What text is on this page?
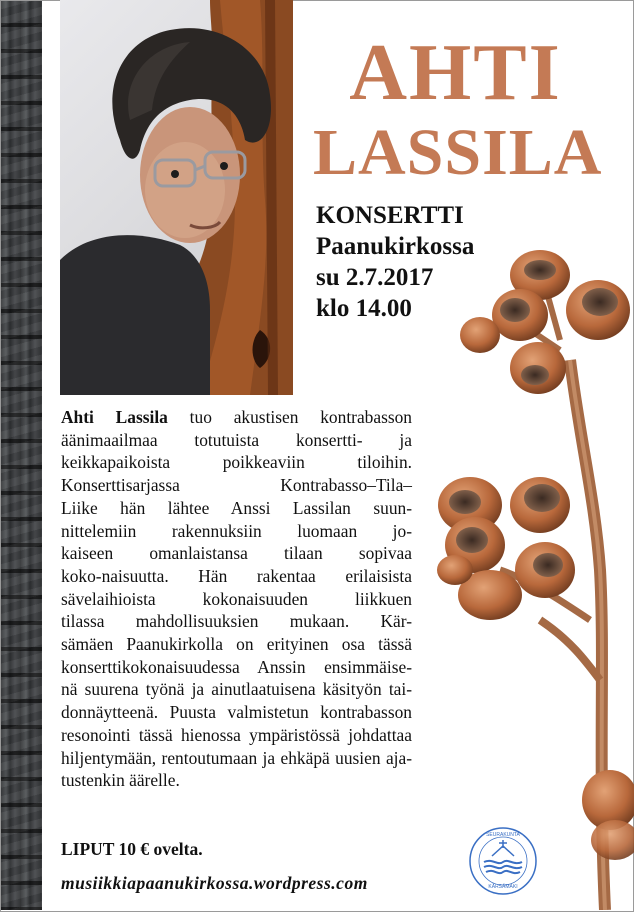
AHTI
LASSILA
KONSERTTI
Paanukirkossa
su 2.7.2017
klo 14.00
Ahti Lassila tuo akustisen kontrabasson
äänimaailmaa totutuista konsertti- ja
keikkapaikoista poikkeaviin tiloihin.
Konserttisarjassa Kontrabasso–Tila–
Liike hän lähtee Anssi Lassilan suun-
nittelemiin rakennuksiin luomaan jo-
kaiseen omanlaistansa tilaan sopivaa
koko-naisuutta. Hän rakentaa erilaisista
sävelaihioista kokonaisuuden liikkuen
tilassa mahdollisuuksien mukaan. Kär-
sämäen Paanukirkolla on erityinen osa tässä
konserttikokonaisuudessa Anssin ensimmäise-
nä suurena työnä ja ainutlaatuisena käsityön tai-
donnäytteenä. Puusta valmistetun kontrabasson
resonointi tässä hienossa ympäristössä johdattaa
hiljentymään, rentoutumaan ja ehkäpä uusien aja-
tustenkin äärelle.
LIPUT 10 € ovelta.
musiikkiapaanukirkossa.wordpress.com
SEURAKUNTA
KÄRSÄMÄKI
